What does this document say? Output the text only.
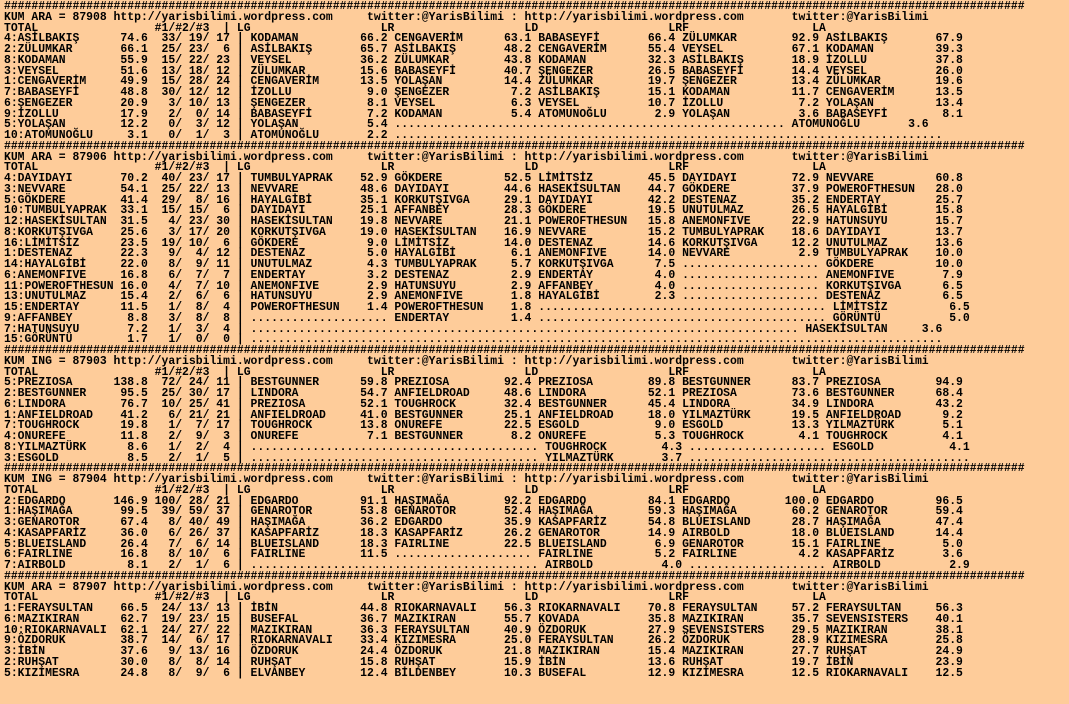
#####################################################################################################################################################
KUM ARA = 87908 http://yarisbilimi.wordpress.com     twitter:@YarisBilimi : http://yarisbilimi.wordpress.com       twitter:@YarisBilimi
TOTAL                 #1/#2/#3  | LG                   LR                   LD                   LRF                  LA
4:ASİLBAKIŞ      74.6  33/ 19/ 17 | KODAMAN         66.2 CENGAVERİM      63.1 BABASEYFİ       66.4 ZÜLUMKAR        92.9 ASİLBAKIŞ       67.9
2:ZÜLUMKAR       66.1  25/ 23/  6 | ASİLBAKIŞ       65.7 ASİLBAKIŞ       48.2 CENGAVERİM      55.4 VEYSEL          67.1 KODAMAN         39.3
8:KODAMAN        55.9  15/ 22/ 23 | VEYSEL          36.2 ZÜLUMKAR        43.8 KODAMAN         32.3 ASİLBAKIŞ       18.9 İZOLLU          37.8
3:VEYSEL         51.6  13/ 18/ 12 | ZÜLUMKAR        15.6 BABASEYFİ       40.7 ŞENGEZER        26.5 BABASEYFİ       14.4 VEYSEL          26.0
1:CENGAVERİM     49.9  15/ 28/ 24 | CENGAVERİM      13.5 YOLAŞAN         14.4 ZÜLUMKAR        19.7 ŞENGEZER        13.4 ZÜLUMKAR        19.6
7:BABASEYFİ      48.8  30/ 12/ 12 | İZOLLU           9.0 ŞENGEZER         7.2 ASİLBAKIŞ       15.1 KODAMAN         11.7 CENGAVERİM      13.5
6:ŞENGEZER       20.9   3/ 10/ 13 | ŞENGEZER         8.1 VEYSEL           6.3 VEYSEL          10.7 İZOLLU           7.2 YOLAŞAN         13.4
9:İZOLLU         17.9   2/  0/ 14 | BABASEYFİ        7.2 KODAMAN          5.4 ATOMUNOĞLU       2.9 YOLAŞAN          3.6 BABASEYFİ        8.1
5:YOLAŞAN        12.2   0/  3/ 12 | YOLAŞAN          5.4 ......................................................... ATOMUNOĞLU       3.6
10:ATOMUNOĞLU     3.1   0/  1/  3 | ATOMUNOĞLU       2.2 ................................................................................
#####################################################################################################################################################
KUM ARA = 87906 http://yarisbilimi.wordpress.com     twitter:@YarisBilimi : http://yarisbilimi.wordpress.com       twitter:@YarisBilimi
TOTAL                 #1/#2/#3  | LG                   LR                   LD                   LRF                  LA
4:DAYIDAYI       70.2  40/ 23/ 17 | TUMBULYAPRAK    52.9 GÖKDERE         52.5 LİMİTSİZ        45.5 DAYIDAYI        72.9 NEVVARE         60.8
3:NEVVARE        54.1  25/ 22/ 13 | NEVVARE         48.6 DAYIDAYI        44.6 HASEKİSULTAN    44.7 GÖKDERE         37.9 POWEROFTHESUN   28.0
5:GÖKDERE        41.4  29/  8/ 16 | HAYALGİBİ       35.1 KORKUTŞIVGA     29.1 DAYIDAYI        42.2 DESTENAZ        35.2 ENDERTAY        25.7
10:TUMBULYAPRAK  33.1  15/ 15/  6 | DAYIDAYI        25.1 AFFANBEY        28.3 GÖKDERE         19.5 UNUTULMAZ       26.5 HAYALGİBİ       15.8
12:HASEKİSULTAN  31.5   4/ 23/ 30 | HASEKİSULTAN    19.8 NEVVARE         21.1 POWEROFTHESUN   15.8 ANEMONFIVE      22.9 HATUNSUYU       15.7
8:KORKUTŞIVGA    25.6   3/ 17/ 20 | KORKUTŞIVGA     19.0 HASEKİSULTAN    16.9 NEVVARE         15.2 TUMBULYAPRAK    18.6 DAYIDAYI        13.7
16:LİMİTSİZ      23.5  19/ 10/  6 | GÖKDERE          9.0 LİMİTSİZ        14.0 DESTENAZ        14.6 KORKUTŞIVGA     12.2 UNUTULMAZ       13.6
1:DESTENAZ       22.3   9/  4/ 12 | DESTENAZ         5.0 HAYALGİBİ        6.1 ANEMONFIVE      14.0 NEVVARE          2.9 TUMBULYAPRAK    10.0
14:HAYALGİBİ     22.0   8/  9/ 11 | UNUTULMAZ        4.3 TUMBULYAPRAK     5.7 KORKUTŞIVGA      7.5 .................... GÖKDERE         10.0
6:ANEMONFIVE     16.8   6/  7/  7 | ENDERTAY         3.2 DESTENAZ         2.9 ENDERTAY         4.0 .................... ANEMONFIVE       7.9
11:POWEROFTHESUN 16.0   4/  7/ 10 | ANEMONFIVE       2.9 HATUNSUYU        2.9 AFFANBEY         4.0 .................... KORKUTŞIVGA      6.5
13:UNUTULMAZ     15.4   2/  6/  6 | HATUNSUYU        2.9 ANEMONFIVE       1.8 HAYALGİBİ        2.3 .................... DESTENAZ         6.5
15:ENDERTAY      11.5   1/  8/  4 | POWEROFTHESUN    1.4 POWEROFTHESUN    1.8 .......................................... LİMİTSİZ         6.5
9:AFFANBEY        8.8   3/  8/  8 | .................... ENDERTAY         1.4 .......................................... GÖRÜNTÜ          5.0
7:HATUNSUYU       7.2   1/  3/  4 | ................................................................................ HASEKİSULTAN     3.6
15:GÖRÜNTÜ        1.7   1/  0/  0 | .....................................................................................................
#####################################################################################################################################################
KUM ING = 87903 http://yarisbilimi.wordpress.com     twitter:@YarisBilimi : http://yarisbilimi.wordpress.com       twitter:@YarisBilimi
TOTAL                 #1/#2/#3  | LG                   LR                   LD                   LRF                  LA
5:PREZIOSA      138.8  72/ 24/ 11 | BESTGUNNER      59.8 PREZIOSA        92.4 PREZIOSA        89.8 BESTGUNNER      83.7 PREZIOSA        94.9
2:BESTGUNNER     95.5  25/ 30/ 17 | LINDORA         54.7 ANFIELDROAD     48.6 LINDORA         52.1 PREZIOSA        73.6 BESTGUNNER      68.4
6:LINDORA        76.7  10/ 25/ 41 | PREZIOSA        52.1 TOUGHROCK       32.4 BESTGUNNER      45.4 LINDORA         34.9 LINDORA         43.2
1:ANFIELDROAD    41.2   6/ 21/ 21 | ANFIELDROAD     41.0 BESTGUNNER      25.1 ANFIELDROAD     18.0 YILMAZTÜRK      19.5 ANFIELDROAD      9.2
7:TOUGHROCK      19.8   1/  7/ 17 | TOUGHROCK       13.8 ONUREFE         22.5 ESGOLD           9.0 ESGOLD          13.3 YILMAZTÜRK       5.1
4:ONUREFE        11.8   2/  9/  3 | ONUREFE          7.1 BESTGUNNER       8.2 ONUREFE          5.3 TOUGHROCK        4.1 TOUGHROCK        4.1
8:YILMAZTÜRK      8.6   1/  2/  4 | .......................................... TOUGHROCK        4.3 .................... ESGOLD           4.1
3:ESGOLD          8.5   2/  1/  5 | .......................................... YILMAZTÜRK       3.7 .........................................
#####################################################################################################################################################
KUM ING = 87904 http://yarisbilimi.wordpress.com     twitter:@YarisBilimi : http://yarisbilimi.wordpress.com       twitter:@YarisBilimi
TOTAL                 #1/#2/#3  | LG                   LR                   LD                   LRF                  LA
2:EDGARDO       146.9 100/ 28/ 21 | EDGARDO         91.1 HAŞIMAĞA        92.2 EDGARDO         84.1 EDGARDO        100.0 EDGARDO         96.5
1:HAŞIMAĞA       99.5  39/ 59/ 37 | GENAROTOR       53.8 GENAROTOR       52.4 HAŞIMAĞA        59.3 HAŞIMAĞA        60.2 GENAROTOR       59.4
3:GENAROTOR      67.4   8/ 40/ 49 | HAŞIMAĞA        36.2 EDGARDO         35.9 KASAPFARİZ      54.8 BLUEISLAND      28.7 HAŞIMAĞA        47.4
4:KASAPFARİZ     36.0   6/ 26/ 37 | KASAPFARİZ      18.3 KASAPFARİZ      26.2 GENAROTOR       14.9 AIRBOLD         18.0 BLUEISLAND      14.4
5:BLUEISLAND     26.4   7/  6/ 14 | BLUEISLAND      18.3 FAIRLINE        22.5 BLUEISLAND       6.9 GENAROTOR       15.1 FAIRLINE         5.0
6:FAIRLINE       16.8   8/ 10/  6 | FAIRLINE        11.5 .................... FAIRLINE         5.2 FAIRLINE         4.2 KASAPFARİZ       3.6
7:AIRBOLD         8.1   2/  1/  6 | .......................................... AIRBOLD          4.0 .................... AIRBOLD          2.9
#####################################################################################################################################################
KUM ARA = 87907 http://yarisbilimi.wordpress.com     twitter:@YarisBilimi : http://yarisbilimi.wordpress.com       twitter:@YarisBilimi
TOTAL                 #1/#2/#3  | LG                   LR                   LD                   LRF                  LA
1:FERAYSULTAN    66.5  24/ 13/ 13 | İBİN            44.8 RIOKARNAVALI    56.3 RIOKARNAVALI    70.8 FERAYSULTAN     57.2 FERAYSULTAN     56.3
6:MAZIKIRAN      62.7  19/ 23/ 15 | BUSEFAL         36.7 MAZIKIRAN       55.7 KOVADA          35.8 MAZIKIRAN       35.7 SEVENSISTERS    40.1
10:RIOKARNAVALI  62.1  24/ 27/ 22 | MAZIKIRAN       36.3 FERAYSULTAN     40.9 ÖZDORUK         27.9 SEVENSISTERS    29.5 MAZIKIRAN       38.1
9:ÖZDORUK        38.7  14/  6/ 17 | RIOKARNAVALI    33.4 KIZIMESRA       25.0 FERAYSULTAN     26.2 ÖZDORUK         28.9 KIZIMESRA       25.8
3:İBİN           37.6   9/ 13/ 16 | ÖZDORUK         24.4 ÖZDORUK         21.8 MAZIKIRAN       15.4 MAZIKIRAN       27.7 RUHŞAT          24.9
2:RUHŞAT         30.0   8/  8/ 14 | RUHŞAT          15.8 RUHŞAT          15.9 İBİN            13.6 RUHŞAT          19.7 İBİN            23.9
5:KIZIMESRA      24.8   8/  9/  6 | ELVANBEY        12.4 BİLDENBEY       10.3 BUSEFAL         12.9 KIZIMESRA       12.5 RIOKARNAVALI    12.5
